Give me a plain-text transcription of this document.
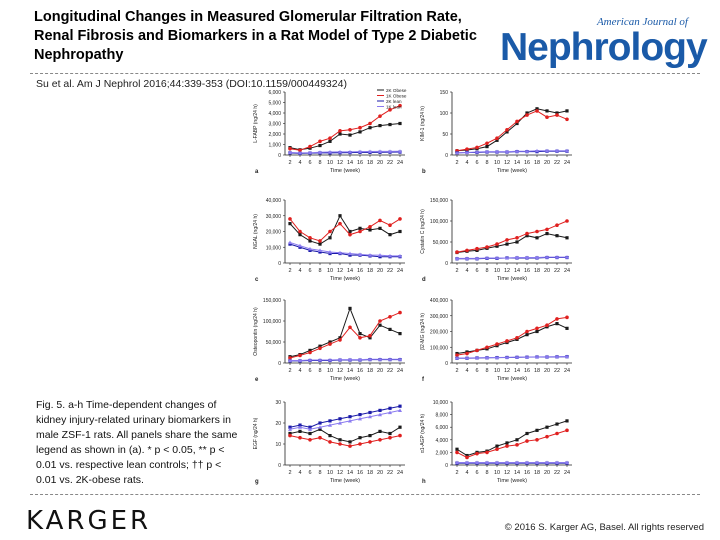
Longitudinal Changes in Measured Glomerular Filtration Rate, Renal Fibrosis and Biomarkers in a Rat Model of Type 2 Diabetic Nephropathy
American Journal of
Nephrology
Su et al. Am J Nephrol 2016;44:339-353 (DOI:10.1159/000449324)
0
1,000
2,000
3,000
4,000
5,000
6,000
2 4 6 8 10 12 14 16 18 20 22 24
Time (week)
L-FABP (ng/24 h)
a
2K Obese
1K Obese
2K lean
1K lean
0
50
100
150
2 4 6 8 10 12 14 16 18 20 22 24
Time (week)
KIM-1 (ng/24 h)
b
0
10,000
20,000
30,000
40,000
2 4 6 8 10 12 14 16 18 20 22 24
Time (week)
NGAL (ng/24 h)
c
0
50,000
100,000
150,000
2 4 6 8 10 12 14 16 18 20 22 24
Time (week)
Cystatin C (ng/24 h)
d
0
50,000
100,000
150,000
2 4 6 8 10 12 14 16 18 20 22 24
Time (week)
Osteopontin (ng/24 h)
e
0
100,000
200,000
300,000
400,000
2 4 6 8 10 12 14 16 18 20 22 24
Time (week)
β2-MG (ng/24 h)
f
0
10
20
30
2 4 6 8 10 12 14 16 18 20 22 24
Time (week)
EGF (ng/24 h)
g
0
2,000
4,000
6,000
8,000
10,000
2 4 6 8 10 12 14 16 18 20 22 24
Time (week)
α1-AGP (ng/24 h)
h
Fig. 5. a-h Time-dependent changes of kidney injury-related urinary biomarkers in male ZSF-1 rats. All panels share the same legend as shown in (a). * p < 0.05, ** p < 0.01 vs. respective lean controls; †† p < 0.01 vs. 2K-obese rats.
KARGER	© 2016 S. Karger AG, Basel. All rights reserved
